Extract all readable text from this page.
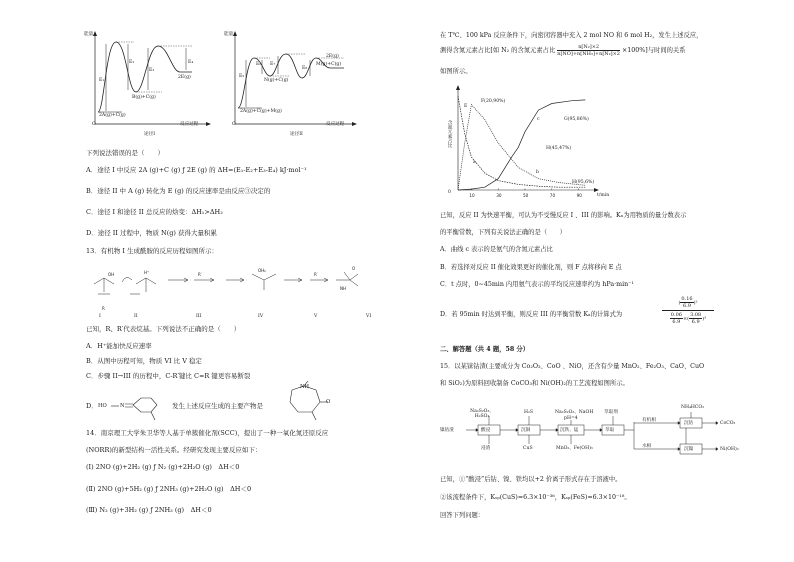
能量
O	反应过程
途径I
E₁
E₂
E₃
E₄
B(g)+C(g)
2E(g)
2A(g)+C(g)
能量
O	反应过程
途径II
E₅
E₆ E₇
E₈
N(g)+C(g)
M(g)+C(g)
2E(g)
2A(g)+C(g)+M(g)
下列说法错误的是（　　）
A．途径 I 中反应 2A (g)+C (g) ƒ 2E (g) 的 ΔH=(E₁-E₂+E₃-E₄) kJ·mol⁻¹
B．途径 II 中 A (g) 转化为 E (g) 的反应速率是由反应③决定的
C．途径 I 和途径 II 总反应的焓变：ΔH₁>ΔH₂
D．途径 II 过程中，物质 N(g) 获得大量积累
13．有机物 I 生成酰胺的反应历程如图所示：
R
OH	H⁺	R′
OH₂
R′
O
NH
I	II	III	IV	V	VI
已知，R、R′代表烷基。下列说法不正确的是（　　）
A．H⁺能加快反应速率
B．从图中历程可知，物质 VI 比 V 稳定
C．步骤 II→III 的历程中，C-R′键比 C=R 键更容易断裂
D． HO	N	发生上述反应生成的主要产物是
NH
O
14．南京理工大学朱卫华等人基于单簇催化剂(SCC)，提出了一种一氧化氮还原反应
(NORR)的新型结构一活性关系。经研究发现主要反应如下：
(Ⅰ) 2NO (g)+2H₂ (g) ƒ N₂ (g)+2H₂O (g)　ΔH＜0
(Ⅱ) 2NO (g)+5H₂ (g) ƒ 2NH₃ (g)+2H₂O (g)　ΔH＜0
(Ⅲ) N₂ (g)+3H₂ (g) ƒ 2NH₃ (g)　ΔH＜0
在 T℃、100 kPa 反应条件下，向密闭容器中充入 2 mol NO 和 6 mol H₂，发生上述反应，
测得含氮元素占比[如 N₂ 的含氮元素占比 $\frac{\text{n[N₂]×2}}{\text{n[NO]+n[NH₃]+n[N₂]×2}} \times 100\%$]与时间的关系
如图所示。
10	30	50	70	90
含氮元素占比
0
t/min
E
F(20,90%)
G(95,86%)
H(45,47%)
H(95,6%)
a
b
c
已知，反应 II 为快速平衡，可认为不受慢反应 I 、III 的影响。Kₓ为用物质的量分数表示
的平衡常数，下列有关说法正确的是（　　）
A．曲线 c 表示的是氨气的含氮元素占比
B．若选择对反应 II 催化效果更好的催化剂，则 F 点将移向 E 点
C．t 点时，0~45min 内用氨气表示的平均反应速率约为 hPa·min⁻¹
D．若 95min 时达到平衡，则反应 III 的平衡常数 Kₓ的计算式为	$\frac{( \frac{0.16}{6.9} )^2}{\frac{0.06}{6.9} \times( \frac{3.08}{6.9} )^3}$
二、解答题（共 4 题，58 分）
15．以某铼钴渣(主要成分为 Co₂O₃、CoO 、NiO，还含有少量 MnO₂、Fe₂O₃、CaO、CuO
和 SiO₂)为原料回收制备 CoCO₃和 Ni(OH)₂的工艺流程如图所示。
镍钴渣
Na₂S₂O₃、H₂SO₄
酸浸
浸渣
H₂S
沉铜
CuS
Na₂S₂O₃、NaOH
pH=4
沉铁、锰
MnO₂、Fe(OH)₃
萃取剂
萃取
有机相
水相
NH₄HCO₃
沉钴	CoCO₃
沉镍	Ni(OH)₂
已知，①“酸浸”后钴、镍、铁均以+2 价离子形式存在于溶液中。
②该流程条件下，Kₛₚ(CuS)=6.3×10⁻³⁶，Kₛₚ(FeS)=6.3×10⁻¹⁸。
回答下列问题：
